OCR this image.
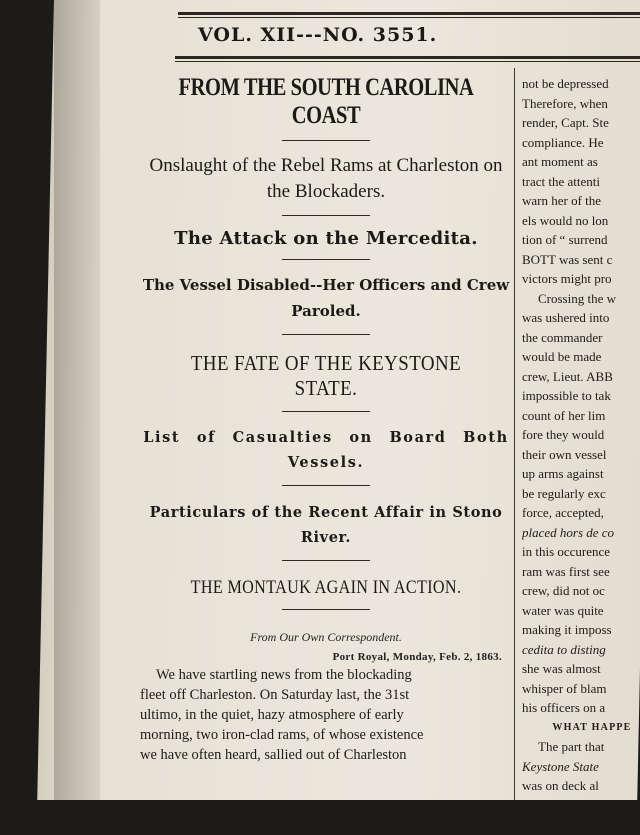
VOL. XII---NO. 3551.

FROM THE SOUTH CAROLINA COAST

Onslaught of the Rebel Rams at Charleston on the Blockaders.

The Attack on the Mercedita.

The Vessel Disabled--Her Officers and Crew Paroled.

THE FATE OF THE KEYSTONE STATE.

List of Casualties on Board Both Vessels.

Particulars of the Recent Affair in Stono River.

THE MONTAUK AGAIN IN ACTION.

From Our Own Correspondent.
Port Royal, Monday, Feb. 2, 1863.
We have startling news from the blockading
fleet off Charleston. On Saturday last, the 31st
ultimo, in the quiet, hazy atmosphere of early
morning, two iron-clad rams, of whose existence
we have often heard, sallied out of Charleston
not be depressed
Therefore, when
render, Capt. Ste
compliance. He
ant moment as
tract the attenti
warn her of the
els would no lon
tion of “ surrend
BOTT was sent c
victors might pro
Crossing the w
was ushered into
the commander
would be made
crew, Lieut. ABB
impossible to tak
count of her lim
fore they would
their own vessel
up arms against
be regularly exc
force, accepted,
placed hors de co
in this occurence
ram was first see
crew, did not oc
water was quite
making it imposs
cedita to disting
she was almost
whisper of blam
his officers on a
WHAT HAPPE
The part that
Keystone State
was on deck al
caused the alar
the blockade,
